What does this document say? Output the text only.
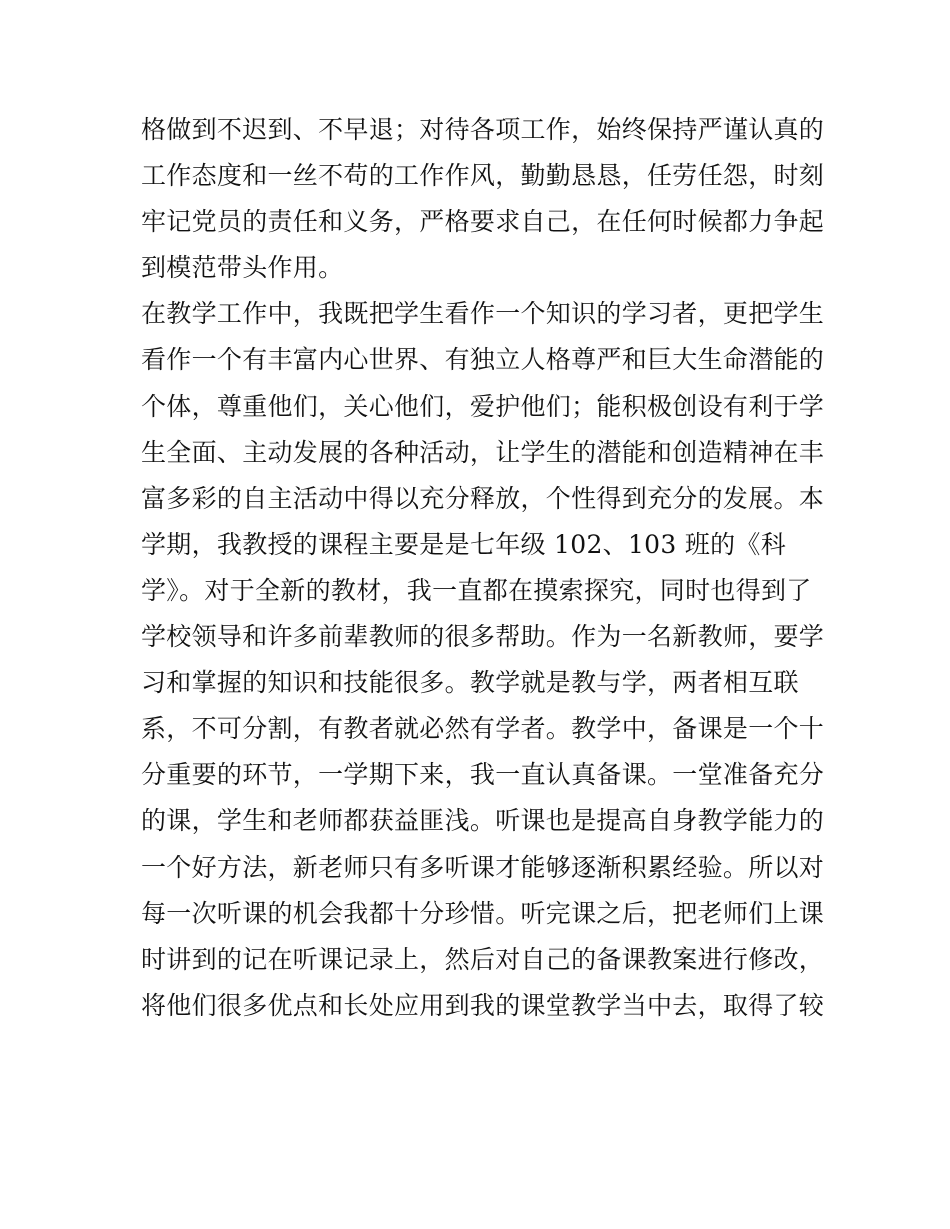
格做到不迟到、不早退；对待各项工作，始终保持严谨认真的
工作态度和一丝不苟的工作作风，勤勤恳恳，任劳任怨，时刻
牢记党员的责任和义务，严格要求自己，在任何时候都力争起
到模范带头作用。
在教学工作中，我既把学生看作一个知识的学习者，更把学生
看作一个有丰富内心世界、有独立人格尊严和巨大生命潜能的
个体，尊重他们，关心他们，爱护他们；能积极创设有利于学
生全面、主动发展的各种活动，让学生的潜能和创造精神在丰
富多彩的自主活动中得以充分释放，个性得到充分的发展。本
学期，我教授的课程主要是是七年级 102、103 班的《科
学》。对于全新的教材，我一直都在摸索探究，同时也得到了
学校领导和许多前辈教师的很多帮助。作为一名新教师，要学
习和掌握的知识和技能很多。教学就是教与学，两者相互联
系，不可分割，有教者就必然有学者。教学中，备课是一个十
分重要的环节，一学期下来，我一直认真备课。一堂准备充分
的课，学生和老师都获益匪浅。听课也是提高自身教学能力的
一个好方法，新老师只有多听课才能够逐渐积累经验。所以对
每一次听课的机会我都十分珍惜。听完课之后，把老师们上课
时讲到的记在听课记录上，然后对自己的备课教案进行修改，
将他们很多优点和长处应用到我的课堂教学当中去，取得了较
